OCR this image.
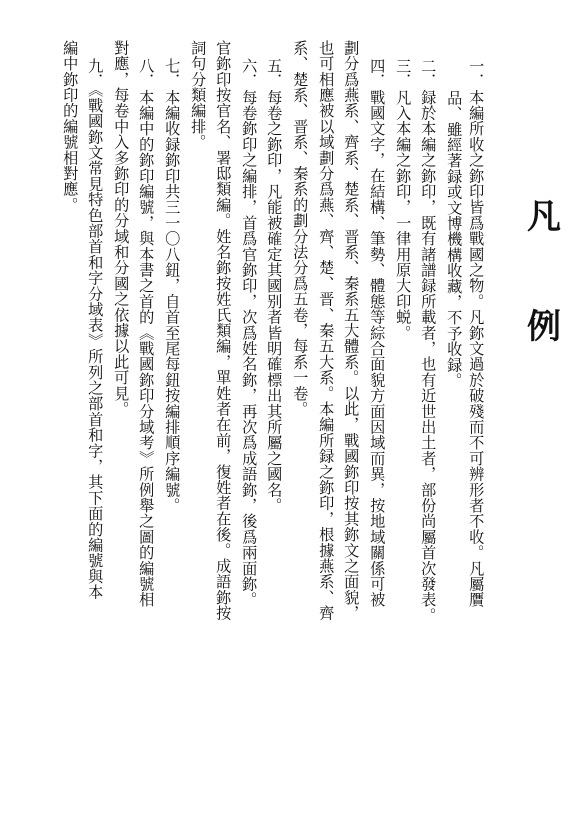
凡
例
一．本編所收之鉨印皆爲戰國之物。凡鉨文過於破殘而不可辨形者不收。凡屬贋
品、雖經著録或文博機構收藏，不予收録。
二．録於本編之鉨印，既有諸譜録所載者，也有近世出土者，部份尚屬首次發表。
三．凡入本編之鉨印，一律用原大印蜕。
四．戰國文字，在結構、筆勢、體態等綜合面貌方面因域而異，按地域關係可被
劃分爲燕系、齊系、楚系、晋系、秦系五大體系。以此，戰國鉨印按其鉨文之面貌，
也可相應被以域劃分爲燕、齊、楚、晋、秦五大系。本編所録之鉨印，根據燕系、齊
系、楚系、晋系、秦系的劃分法分爲五卷，每系一卷。
五．每卷之鉨印，凡能被確定其國别者皆明確標出其所屬之國名。
六．每卷鉨印之編排，首爲官鉨印，次爲姓名鉨，再次爲成語鉨，後爲兩面鉨。
官鉨印按官名、署邸類編。姓名鉨按姓氏類編，單姓者在前，復姓者在後。成語鉨按
詞句分類編排。
七．本編收録鉨印共三一〇八鈕，自首至尾每鈕按編排順序編號。
八．本編中的鉨印編號，與本書之首的《戰國鉨印分域考》所例舉之圖的編號相
對應，每卷中入多鉨印的分域和分國之依據以此可見。
九．《戰國鉨文常見特色部首和字分域表》所列之部首和字，其下面的編號與本
編中鉨印的編號相對應。
